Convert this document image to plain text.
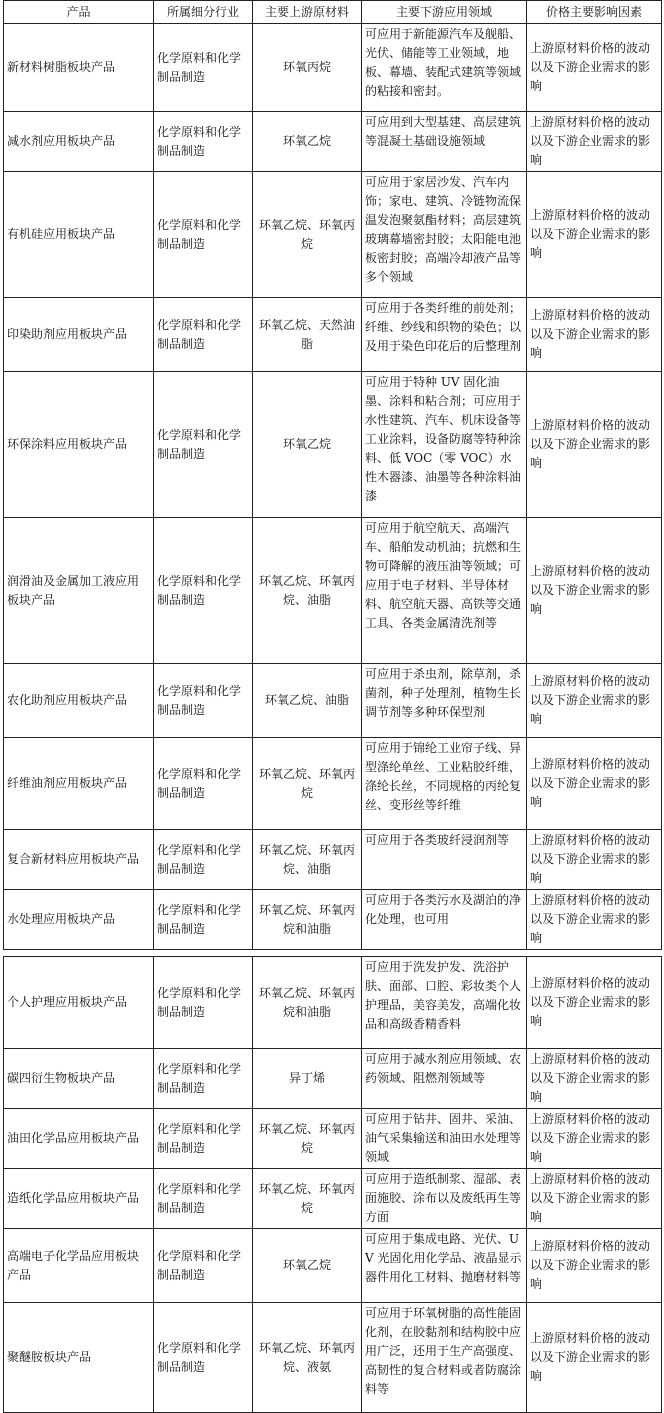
产品	所属细分行业	主要上游原材料	主要下游应用领域	价格主要影响因素
新材料树脂板块产品	化学原料和化学制品制造	环氧丙烷	可应用于新能源汽车及舰船、光伏、储能等工业领域，地板、幕墙、装配式建筑等领域的粘接和密封。	上游原材料价格的波动以及下游企业需求的影响
减水剂应用板块产品	化学原料和化学制品制造	环氧乙烷	可应用到大型基建、高层建筑等混凝土基础设施领域	上游原材料价格的波动以及下游企业需求的影响
有机硅应用板块产品	化学原料和化学制品制造	环氧乙烷、环氧丙烷	可应用于家居沙发、汽车内饰；家电、建筑、冷链物流保温发泡聚氨酯材料；高层建筑玻璃幕墙密封胶；太阳能电池板密封胶；高端冷却液产品等多个领域	上游原材料价格的波动以及下游企业需求的影响
印染助剂应用板块产品	化学原料和化学制品制造	环氧乙烷、天然油脂	可应用于各类纤维的前处剂；纤维、纱线和织物的染色；以及用于染色印花后的后整理剂	上游原材料价格的波动以及下游企业需求的影响
环保涂料应用板块产品	化学原料和化学制品制造	环氧乙烷	可应用于特种 UV 固化油墨、涂料和粘合剂；可应用于水性建筑、汽车、机床设备等工业涂料，设备防腐等特种涂料、低 VOC（零 VOC）水性木器漆、油墨等各种涂料油漆	上游原材料价格的波动以及下游企业需求的影响
润滑油及金属加工液应用板块产品	化学原料和化学制品制造	环氧乙烷、环氧丙烷、油脂	可应用于航空航天、高端汽车、船舶发动机油；抗燃和生物可降解的液压油等领域；可应用于电子材料、半导体材料、航空航天器、高铁等交通工具、各类金属清洗剂等	上游原材料价格的波动以及下游企业需求的影响
农化助剂应用板块产品	化学原料和化学制品制造	环氧乙烷、油脂	可应用于杀虫剂，除草剂，杀菌剂，种子处理剂，植物生长调节剂等多种环保型剂	上游原材料价格的波动以及下游企业需求的影响
纤维油剂应用板块产品	化学原料和化学制品制造	环氧乙烷、环氧丙烷	可应用于锦纶工业帘子线、异型涤纶单丝、工业粘胶纤维，涤纶长丝，不同规格的丙纶复丝、变形丝等纤维	上游原材料价格的波动以及下游企业需求的影响
复合新材料应用板块产品	化学原料和化学制品制造	环氧乙烷、环氧丙烷、油脂	可应用于各类玻纤浸润剂等	上游原材料价格的波动以及下游企业需求的影响
水处理应用板块产品	化学原料和化学制品制造	环氧乙烷、环氧丙烷和油脂	可应用于各类污水及湖泊的净化处理，也可用	上游原材料价格的波动以及下游企业需求的影响

个人护理应用板块产品	化学原料和化学制品制造	环氧乙烷、环氧丙烷和油脂	可应用于洗发护发、洗浴护肤、面部、口腔、彩妆类个人护理品，美容美发，高端化妆品和高级香精香料	上游原材料价格的波动以及下游企业需求的影响
碳四衍生物板块产品	化学原料和化学制品制造	异丁烯	可应用于减水剂应用领域、农药领域、阻燃剂领域等	上游原材料价格的波动以及下游企业需求的影响
油田化学品应用板块产品	化学原料和化学制品制造	环氧乙烷、环氧丙烷	可应用于钻井、固井、采油、油气采集输送和油田水处理等领域	上游原材料价格的波动以及下游企业需求的影响
造纸化学品应用板块产品	化学原料和化学制品制造	环氧乙烷、环氧丙烷	可应用于造纸制浆、湿部、表面施胶、涂布以及废纸再生等方面	上游原材料价格的波动以及下游企业需求的影响
高端电子化学品应用板块产品	化学原料和化学制品制造	环氧乙烷	可应用于集成电路、光伏、UV 光固化用化学品、液晶显示器件用化工材料、抛磨材料等	上游原材料价格的波动以及下游企业需求的影响
聚醚胺板块产品	化学原料和化学制品制造	环氧乙烷、环氧丙烷、液氨	可应用于环氧树脂的高性能固化剂，在胶黏剂和结构胶中应用广泛，还用于生产高强度、高韧性的复合材料或者防腐涂料等	上游原材料价格的波动以及下游企业需求的影响
